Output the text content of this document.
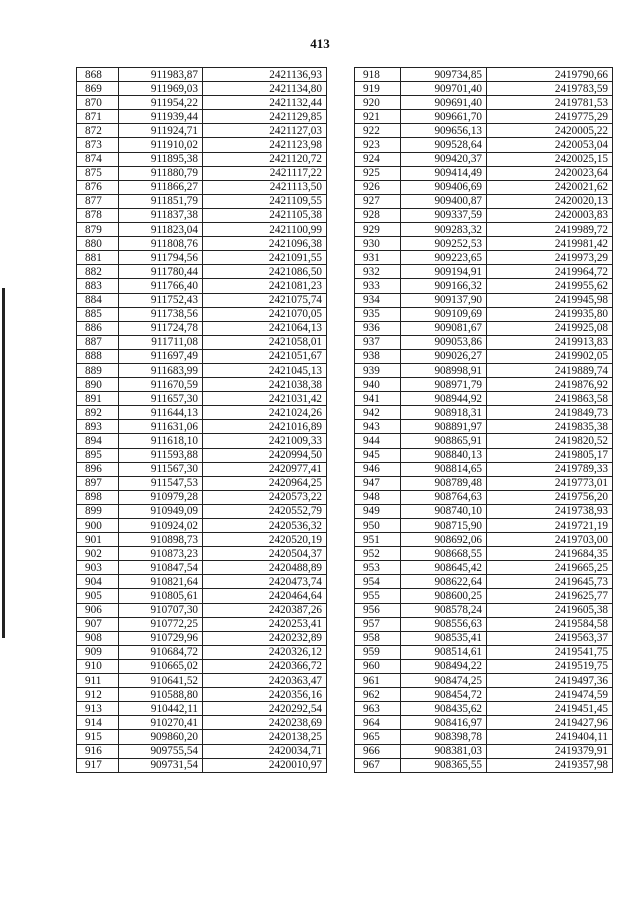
413
868	911983,87	2421136,93
869	911969,03	2421134,80
870	911954,22	2421132,44
871	911939,44	2421129,85
872	911924,71	2421127,03
873	911910,02	2421123,98
874	911895,38	2421120,72
875	911880,79	2421117,22
876	911866,27	2421113,50
877	911851,79	2421109,55
878	911837,38	2421105,38
879	911823,04	2421100,99
880	911808,76	2421096,38
881	911794,56	2421091,55
882	911780,44	2421086,50
883	911766,40	2421081,23
884	911752,43	2421075,74
885	911738,56	2421070,05
886	911724,78	2421064,13
887	911711,08	2421058,01
888	911697,49	2421051,67
889	911683,99	2421045,13
890	911670,59	2421038,38
891	911657,30	2421031,42
892	911644,13	2421024,26
893	911631,06	2421016,89
894	911618,10	2421009,33
895	911593,88	2420994,50
896	911567,30	2420977,41
897	911547,53	2420964,25
898	910979,28	2420573,22
899	910949,09	2420552,79
900	910924,02	2420536,32
901	910898,73	2420520,19
902	910873,23	2420504,37
903	910847,54	2420488,89
904	910821,64	2420473,74
905	910805,61	2420464,64
906	910707,30	2420387,26
907	910772,25	2420253,41
908	910729,96	2420232,89
909	910684,72	2420326,12
910	910665,02	2420366,72
911	910641,52	2420363,47
912	910588,80	2420356,16
913	910442,11	2420292,54
914	910270,41	2420238,69
915	909860,20	2420138,25
916	909755,54	2420034,71
917	909731,54	2420010,97
918	909734,85	2419790,66
919	909701,40	2419783,59
920	909691,40	2419781,53
921	909661,70	2419775,29
922	909656,13	2420005,22
923	909528,64	2420053,04
924	909420,37	2420025,15
925	909414,49	2420023,64
926	909406,69	2420021,62
927	909400,87	2420020,13
928	909337,59	2420003,83
929	909283,32	2419989,72
930	909252,53	2419981,42
931	909223,65	2419973,29
932	909194,91	2419964,72
933	909166,32	2419955,62
934	909137,90	2419945,98
935	909109,69	2419935,80
936	909081,67	2419925,08
937	909053,86	2419913,83
938	909026,27	2419902,05
939	908998,91	2419889,74
940	908971,79	2419876,92
941	908944,92	2419863,58
942	908918,31	2419849,73
943	908891,97	2419835,38
944	908865,91	2419820,52
945	908840,13	2419805,17
946	908814,65	2419789,33
947	908789,48	2419773,01
948	908764,63	2419756,20
949	908740,10	2419738,93
950	908715,90	2419721,19
951	908692,06	2419703,00
952	908668,55	2419684,35
953	908645,42	2419665,25
954	908622,64	2419645,73
955	908600,25	2419625,77
956	908578,24	2419605,38
957	908556,63	2419584,58
958	908535,41	2419563,37
959	908514,61	2419541,75
960	908494,22	2419519,75
961	908474,25	2419497,36
962	908454,72	2419474,59
963	908435,62	2419451,45
964	908416,97	2419427,96
965	908398,78	2419404,11
966	908381,03	2419379,91
967	908365,55	2419357,98
